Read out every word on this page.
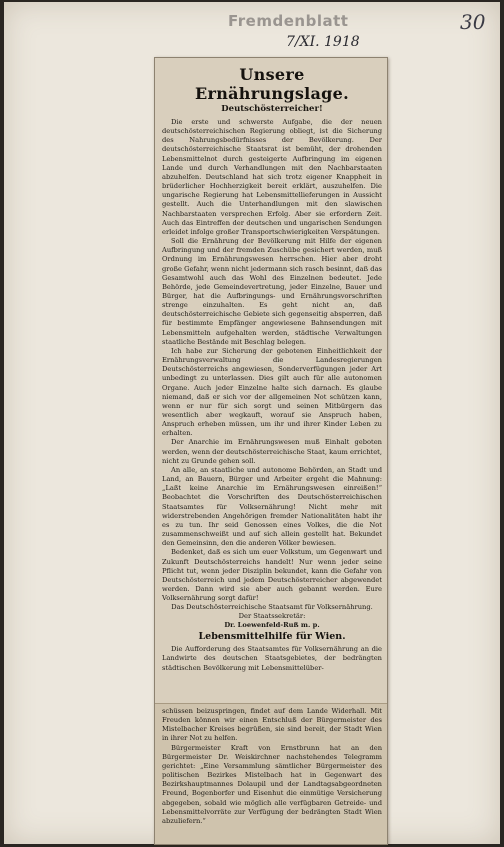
Fremdenblatt
7/XI. 1918
30
Unsere Ernährungslage.
Deutschösterreicher!

Die erste und schwerste Aufgabe, die der neuen deutschösterreichischen Regierung obliegt, ist die Sicherung des Nahrungsbedürfnisses der Bevölkerung. Der deutschösterreichische Staatsrat ist bemüht, der drohenden Lebensmittelnot durch gesteigerte Aufbringung im eigenen Lande und durch Verhandlungen mit den Nachbarstaaten abzuhelfen. Deutschland hat sich trotz eigener Knappheit in brüderlicher Hochherzigkeit bereit erklärt, auszuhelfen. Die ungarische Regierung hat Lebensmittellieferungen in Aussicht gestellt. Auch die Unterhandlungen mit den slawischen Nachbarstaaten versprechen Erfolg. Aber sie erfordern Zeit. Auch das Eintreffen der deutschen und ungarischen Sendungen erleidet infolge großer Transportschwierigkeiten Verspätungen.

Soll die Ernährung der Bevölkerung mit Hilfe der eigenen Aufbringung und der fremden Zuschübe gesichert werden, muß Ordnung im Ernährungswesen herrschen. Hier aber droht große Gefahr, wenn nicht jedermann sich rasch besinnt, daß das Gesamtwohl auch das Wohl des Einzelnen bedeutet. Jede Behörde, jede Gemeindevertretung, jeder Einzelne, Bauer und Bürger, hat die Aufbringungs- und Ernährungsvorschriften strenge einzuhalten. Es geht nicht an, daß deutschösterreichische Gebiete sich gegenseitig absperren, daß für bestimmte Empfänger angewiesene Bahnsendungen mit Lebensmitteln aufgehalten werden, städtische Verwaltungen staatliche Bestände mit Beschlag belegen.

Ich habe zur Sicherung der gebotenen Einheitlichkeit der Ernährungsverwaltung die Landesregierungen Deutschösterreichs angewiesen, Sonderverfügungen jeder Art unbedingt zu unterlassen. Dies gilt auch für alle autonomen Organe. Auch jeder Einzelne halte sich darnach. Es glaube niemand, daß er sich vor der allgemeinen Not schützen kann, wenn er nur für sich sorgt und seinen Mitbürgern das wesentlich aber wegkauft, worauf sie Anspruch haben, Anspruch erheben müssen, um ihr und ihrer Kinder Leben zu erhalten.

Der Anarchie im Ernährungswesen muß Einhalt geboten werden, wenn der deutschösterreichische Staat, kaum errichtet, nicht zu Grunde gehen soll.

An alle, an staatliche und autonome Behörden, an Stadt und Land, an Bauern, Bürger und Arbeiter ergeht die Mahnung: „Laßt keine Anarchie im Ernährungswesen einreißen!“ Beobachtet die Vorschriften des Deutschösterreichischen Staatsamtes für Volksernährung! Nicht mehr mit widerstrebenden Angehörigen fremder Nationalitäten habt ihr es zu tun. Ihr seid Genossen eines Volkes, die die Not zusammenschweißt und auf sich allein gestellt hat. Bekundet den Gemeinsinn, den die anderen Völker bewiesen.

Bedenket, daß es sich um euer Volkstum, um Gegenwart und Zukunft Deutschösterreichs handelt! Nur wenn jeder seine Pflicht tut, wenn jeder Disziplin bekundet, kann die Gefahr von Deutschösterreich und jedem Deutschösterreicher abgewendet werden. Dann wird sie aber auch gebannt werden. Eure Volksernährung sorgt dafür!

Das Deutschösterreichische Staatsamt für Volksernährung.

Der Staatssekretär:

Dr. Loewenfeld-Ruß m. p.

Lebensmittelhilfe für Wien.

Die Aufforderung des Staatsamtes für Volksernährung an die Landwirte des deutschen Staatsgebietes, der bedrängten städtischen Bevölkerung mit Lebensmittelüber-

schüssen beizuspringen, findet auf dem Lande Widerhall. Mit Freuden können wir einen Entschluß der Bürgermeister des Mistelbacher Kreises begrüßen, sie sind bereit, der Stadt Wien in ihrer Not zu helfen.

Bürgermeister Kraft von Ernstbrunn hat an den Bürgermeister Dr. Weiskirchner nachstehendes Telegramm gerichtet: „Eine Versammlung sämtlicher Bürgermeister des politischen Bezirkes Mistelbach hat in Gegenwart des Bezirkshauptmannes Dolaupil und der Landtagsabgeordneten Freund, Bogenborfer und Eisenhut die einmütige Versicherung abgegeben, sobald wie möglich alle verfügbaren Getreide- und Lebensmittelvorräte zur Verfügung der bedrängten Stadt Wien abzuliefern.“
